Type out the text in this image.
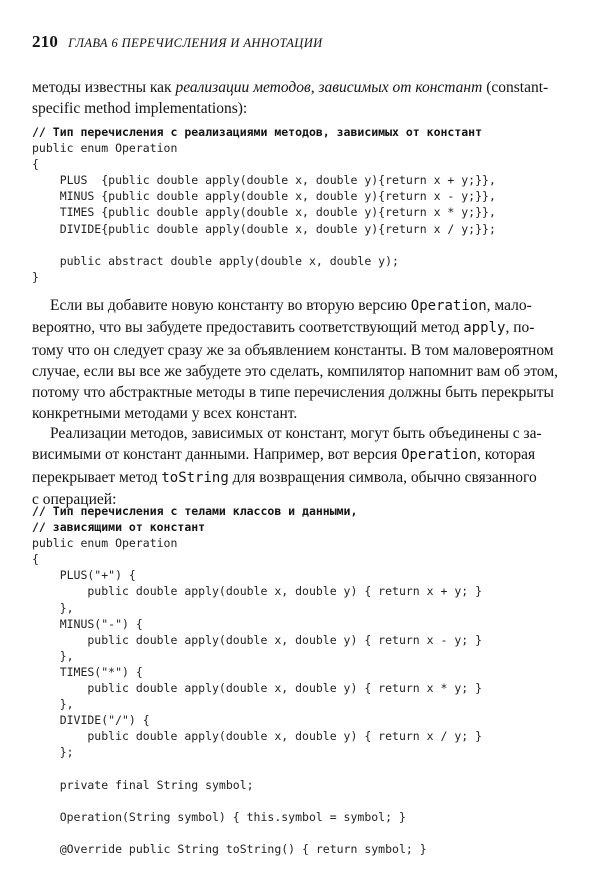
210 ГЛАВА 6 ПЕРЕЧИСЛЕНИЯ И АННОТАЦИИ
методы известны как реализации методов, зависимых от констант (constant-
specific method implementations):
// Тип перечисления с реализациями методов, зависимых от констант
public enum Operation
{
PLUS  {public double apply(double x, double y){return x + y;}},
MINUS {public double apply(double x, double y){return x - y;}},
TIMES {public double apply(double x, double y){return x * y;}},
DIVIDE{public double apply(double x, double y){return x / y;}};
public abstract double apply(double x, double y);
}
Если вы добавите новую константу во вторую версию Operation, мало-
вероятно, что вы забудете предоставить соответствующий метод apply, по-
тому что он следует сразу же за объявлением константы. В том маловероятном
случае, если вы все же забудете это сделать, компилятор напомнит вам об этом,
потому что абстрактные методы в типе перечисления должны быть перекрыты
конкретными методами у всех констант.
Реализации методов, зависимых от констант, могут быть объединены с за-
висимыми от констант данными. Например, вот версия Operation, которая
перекрывает метод toString для возвращения символа, обычно связанного
с операцией:
// Тип перечисления с телами классов и данными,
// зависящими от констант
public enum Operation
{
PLUS("+") {
public double apply(double x, double y) { return x + y; }
},
MINUS("-") {
public double apply(double x, double y) { return x - y; }
},
TIMES("*") {
public double apply(double x, double y) { return x * y; }
},
DIVIDE("/") {
public double apply(double x, double y) { return x / y; }
};
private final String symbol;
Operation(String symbol) { this.symbol = symbol; }
@Override public String toString() { return symbol; }
